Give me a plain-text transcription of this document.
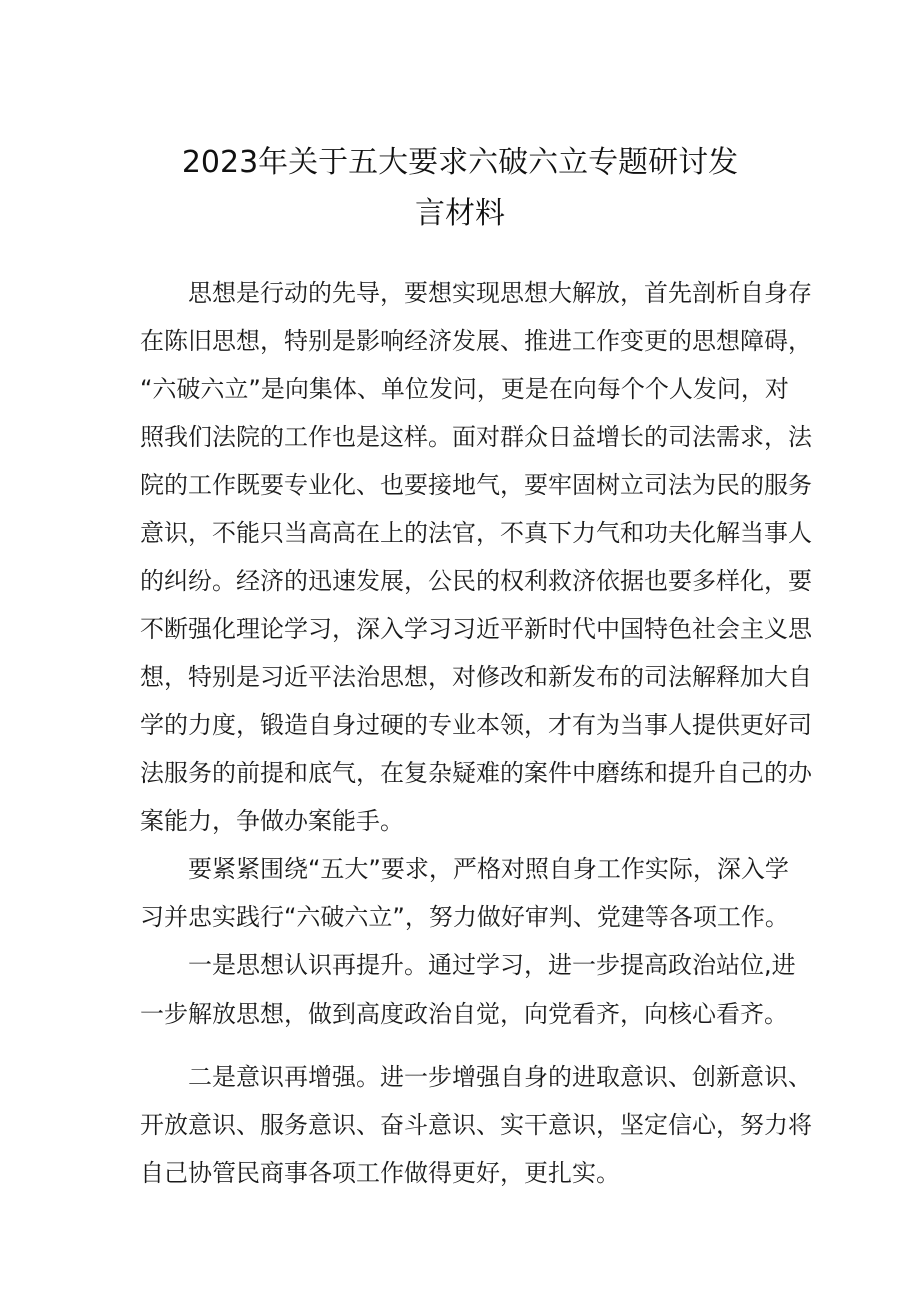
2023年关于五大要求六破六立专题研讨发
言材料

思想是行动的先导，要想实现思想大解放，首先剖析自身存

在陈旧思想，特别是影响经济发展、推进工作变更的思想障碍，

“六破六立”是向集体、单位发问，更是在向每个个人发问，对

照我们法院的工作也是这样。面对群众日益增长的司法需求，法

院的工作既要专业化、也要接地气，要牢固树立司法为民的服务

意识，不能只当高高在上的法官，不真下力气和功夫化解当事人

的纠纷。经济的迅速发展，公民的权利救济依据也要多样化，要

不断强化理论学习，深入学习习近平新时代中国特色社会主义思

想，特别是习近平法治思想，对修改和新发布的司法解释加大自

学的力度，锻造自身过硬的专业本领，才有为当事人提供更好司

法服务的前提和底气，在复杂疑难的案件中磨练和提升自己的办

案能力，争做办案能手。

要紧紧围绕“五大”要求，严格对照自身工作实际，深入学

习并忠实践行“六破六立”，努力做好审判、党建等各项工作。

一是思想认识再提升。通过学习，进一步提高政治站位,进

一步解放思想，做到高度政治自觉，向党看齐，向核心看齐。

二是意识再增强。进一步增强自身的进取意识、创新意识、

开放意识、服务意识、奋斗意识、实干意识，坚定信心，努力将

自己协管民商事各项工作做得更好，更扎实。
